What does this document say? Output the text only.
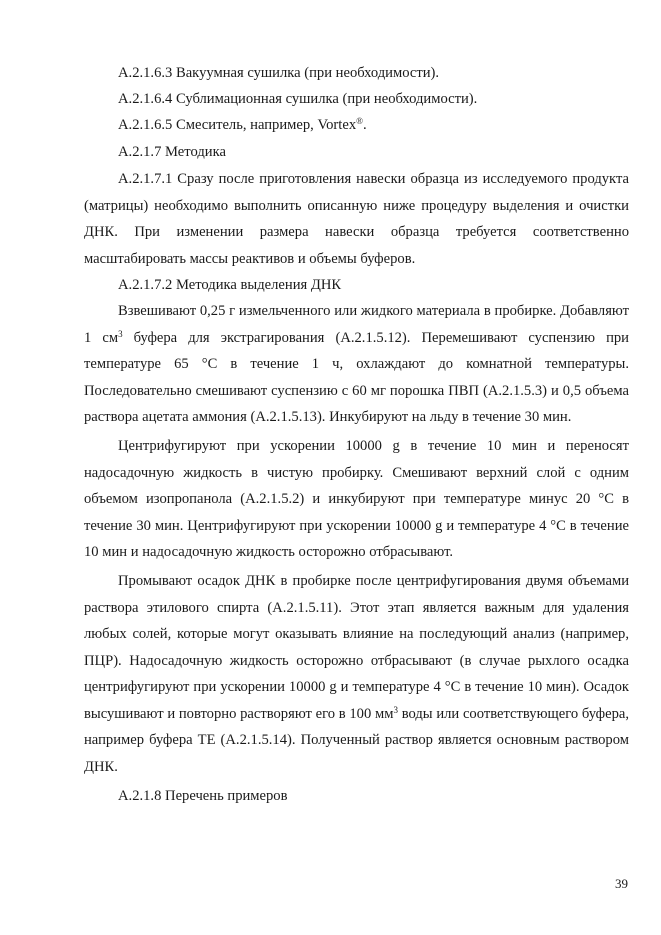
А.2.1.6.3 Вакуумная сушилка (при необходимости).

А.2.1.6.4 Сублимационная сушилка (при необходимости).

А.2.1.6.5 Смеситель, например, Vortex®.

А.2.1.7 Методика

А.2.1.7.1 Сразу после приготовления навески образца из исследуемого продукта (матрицы) необходимо выполнить описанную ниже процедуру выделения и очистки ДНК. При изменении размера навески образца требуется соответственно масштабировать массы реактивов и объемы буферов.

А.2.1.7.2 Методика выделения ДНК

Взвешивают 0,25 г измельченного или жидкого материала в пробирке. Добавляют 1 $см^3$ буфера для экстрагирования (А.2.1.5.12). Перемешивают суспензию при температуре 65 °С в течение 1 ч, охлаждают до комнатной температуры. Последовательно смешивают суспензию с 60 мг порошка ПВП (А.2.1.5.3) и 0,5 объема раствора ацетата аммония (А.2.1.5.13). Инкубируют на льду в течение 30 мин.

Центрифугируют при ускорении 10000 g в течение 10 мин и переносят надосадочную жидкость в чистую пробирку. Смешивают верхний слой с одним объемом изопропанола (А.2.1.5.2) и инкубируют при температуре минус 20 °С в течение 30 мин. Центрифугируют при ускорении 10000 g и температуре 4 °С в течение 10 мин и надосадочную жидкость осторожно отбрасывают.

Промывают осадок ДНК в пробирке после центрифугирования двумя объемами раствора этилового спирта (А.2.1.5.11). Этот этап является важным для удаления любых солей, которые могут оказывать влияние на последующий анализ (например, ПЦР). Надосадочную жидкость осторожно отбрасывают (в случае рыхлого осадка центрифугируют при ускорении 10000 g и температуре 4 °С в течение 10 мин). Осадок высушивают и повторно растворяют его в 100 $мм^3$ воды или соответствующего буфера, например буфера ТЕ (А.2.1.5.14). Полученный раствор является основным раствором ДНК.

А.2.1.8 Перечень примеров

39
